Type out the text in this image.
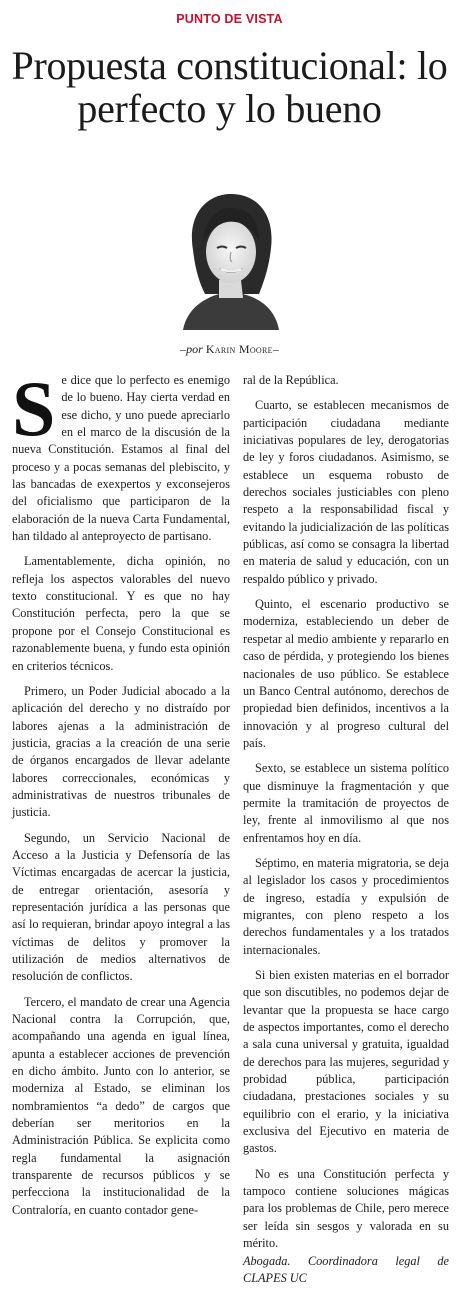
PUNTO DE VISTA
Propuesta constitucional: lo perfecto y lo bueno
–por Karin Moore–

Se dice que lo perfecto es enemigo de lo bueno. Hay cierta verdad en ese dicho, y uno puede apreciarlo en el marco de la discusión de la nueva Constitución. Estamos al final del proceso y a pocas semanas del plebiscito, y las bancadas de exexpertos y exconsejeros del oficialismo que participaron de la elaboración de la nueva Carta Fundamental, han tildado al anteproyecto de partisano.

Lamentablemente, dicha opinión, no refleja los aspectos valorables del nuevo texto constitucional. Y es que no hay Constitución perfecta, pero la que se propone por el Consejo Constitucional es razonablemente buena, y fundo esta opinión en criterios técnicos.

Primero, un Poder Judicial abocado a la aplicación del derecho y no distraído por labores ajenas a la administración de justicia, gracias a la creación de una serie de órganos encargados de llevar adelante labores correccionales, económicas y administrativas de nuestros tribunales de justicia.

Segundo, un Servicio Nacional de Acceso a la Justicia y Defensoría de las Víctimas encargadas de acercar la justicia, de entregar orientación, asesoría y representación jurídica a las personas que así lo requieran, brindar apoyo integral a las víctimas de delitos y promover la utilización de medios alternativos de resolución de conflictos.

Tercero, el mandato de crear una Agencia Nacional contra la Corrupción, que, acompañando una agenda en igual línea, apunta a establecer acciones de prevención en dicho ámbito. Junto con lo anterior, se moderniza al Estado, se eliminan los nombramientos “a dedo” de cargos que deberían ser meritorios en la Administración Pública. Se explicita como regla fundamental la asignación transparente de recursos públicos y se perfecciona la institucionalidad de la Contraloría, en cuanto contador gene-

ral de la República.

Cuarto, se establecen mecanismos de participación ciudadana mediante iniciativas populares de ley, derogatorias de ley y foros ciudadanos. Asimismo, se establece un esquema robusto de derechos sociales justiciables con pleno respeto a la responsabilidad fiscal y evitando la judicialización de las políticas públicas, así como se consagra la libertad en materia de salud y educación, con un respaldo público y privado.

Quinto, el escenario productivo se moderniza, estableciendo un deber de respetar al medio ambiente y repararlo en caso de pérdida, y protegiendo los bienes nacionales de uso público. Se establece un Banco Central autónomo, derechos de propiedad bien definidos, incentivos a la innovación y al progreso cultural del país.

Sexto, se establece un sistema político que disminuye la fragmentación y que permite la tramitación de proyectos de ley, frente al inmovilismo al que nos enfrentamos hoy en día.

Séptimo, en materia migratoria, se deja al legislador los casos y procedimientos de ingreso, estadía y expulsión de migrantes, con pleno respeto a los derechos fundamentales y a los tratados internacionales.

Si bien existen materias en el borrador que son discutibles, no podemos dejar de levantar que la propuesta se hace cargo de aspectos importantes, como el derecho a sala cuna universal y gratuita, igualdad de derechos para las mujeres, seguridad y probidad pública, participación ciudadana, prestaciones sociales y su equilibrio con el erario, y la iniciativa exclusiva del Ejecutivo en materia de gastos.

No es una Constitución perfecta y tampoco contiene soluciones mágicas para los problemas de Chile, pero merece ser leída sin sesgos y valorada en su mérito.

Abogada. Coordinadora legal de CLAPES UC
